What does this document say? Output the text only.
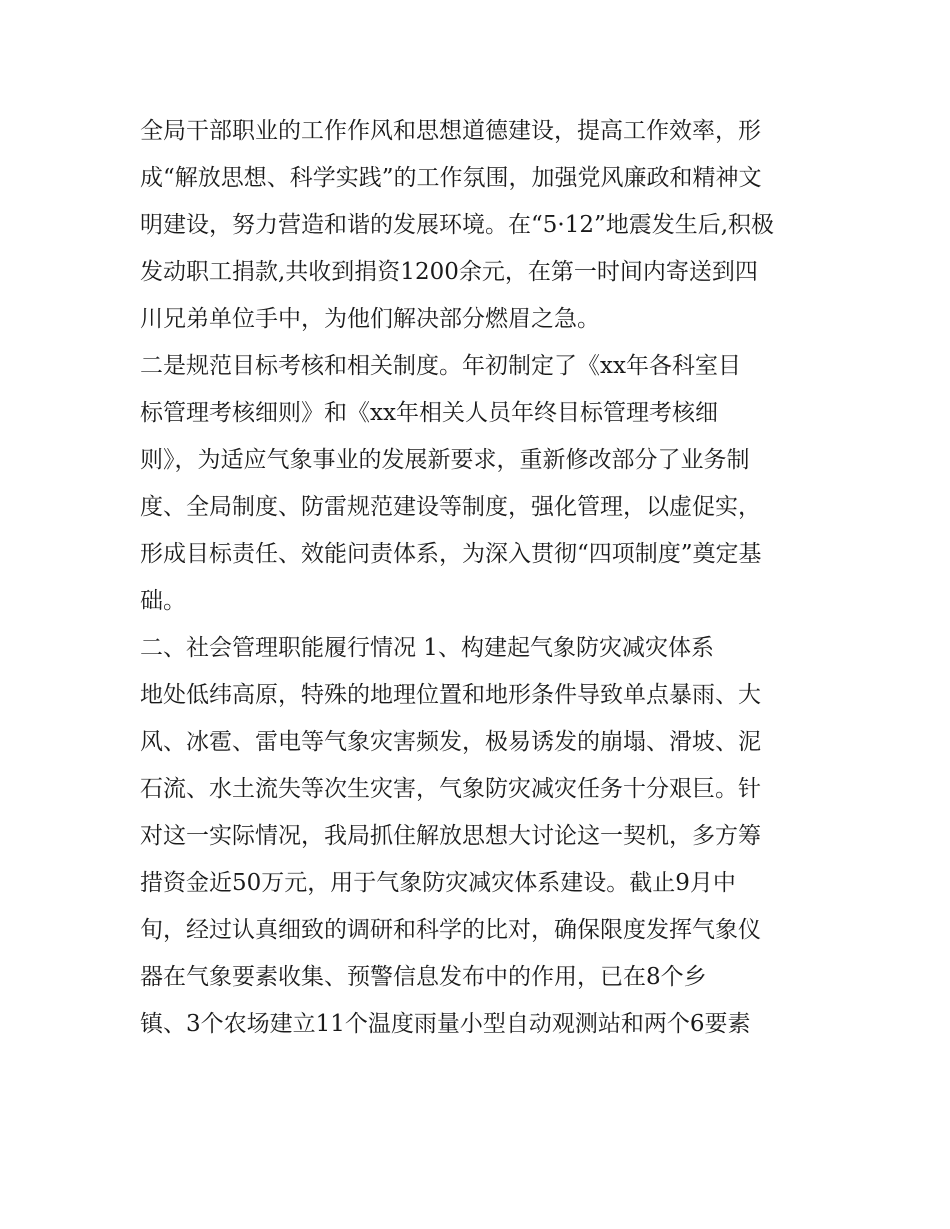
全局干部职业的工作作风和思想道德建设，提高工作效率，形
成“解放思想、科学实践”的工作氛围，加强党风廉政和精神文
明建设，努力营造和谐的发展环境。在“5·12”地震发生后,积极
发动职工捐款,共收到捐资1200余元，在第一时间内寄送到四
川兄弟单位手中，为他们解决部分燃眉之急。
二是规范目标考核和相关制度。年初制定了《xx年各科室目
标管理考核细则》和《xx年相关人员年终目标管理考核细
则》，为适应气象事业的发展新要求，重新修改部分了业务制
度、全局制度、防雷规范建设等制度，强化管理，以虚促实，
形成目标责任、效能问责体系，为深入贯彻“四项制度”奠定基
础。
二、社会管理职能履行情况 1、构建起气象防灾减灾体系
地处低纬高原，特殊的地理位置和地形条件导致单点暴雨、大
风、冰雹、雷电等气象灾害频发，极易诱发的崩塌、滑坡、泥
石流、水土流失等次生灾害，气象防灾减灾任务十分艰巨。针
对这一实际情况，我局抓住解放思想大讨论这一契机，多方筹
措资金近50万元，用于气象防灾减灾体系建设。截止9月中
旬，经过认真细致的调研和科学的比对，确保限度发挥气象仪
器在气象要素收集、预警信息发布中的作用，已在8个乡
镇、3个农场建立11个温度雨量小型自动观测站和两个6要素
